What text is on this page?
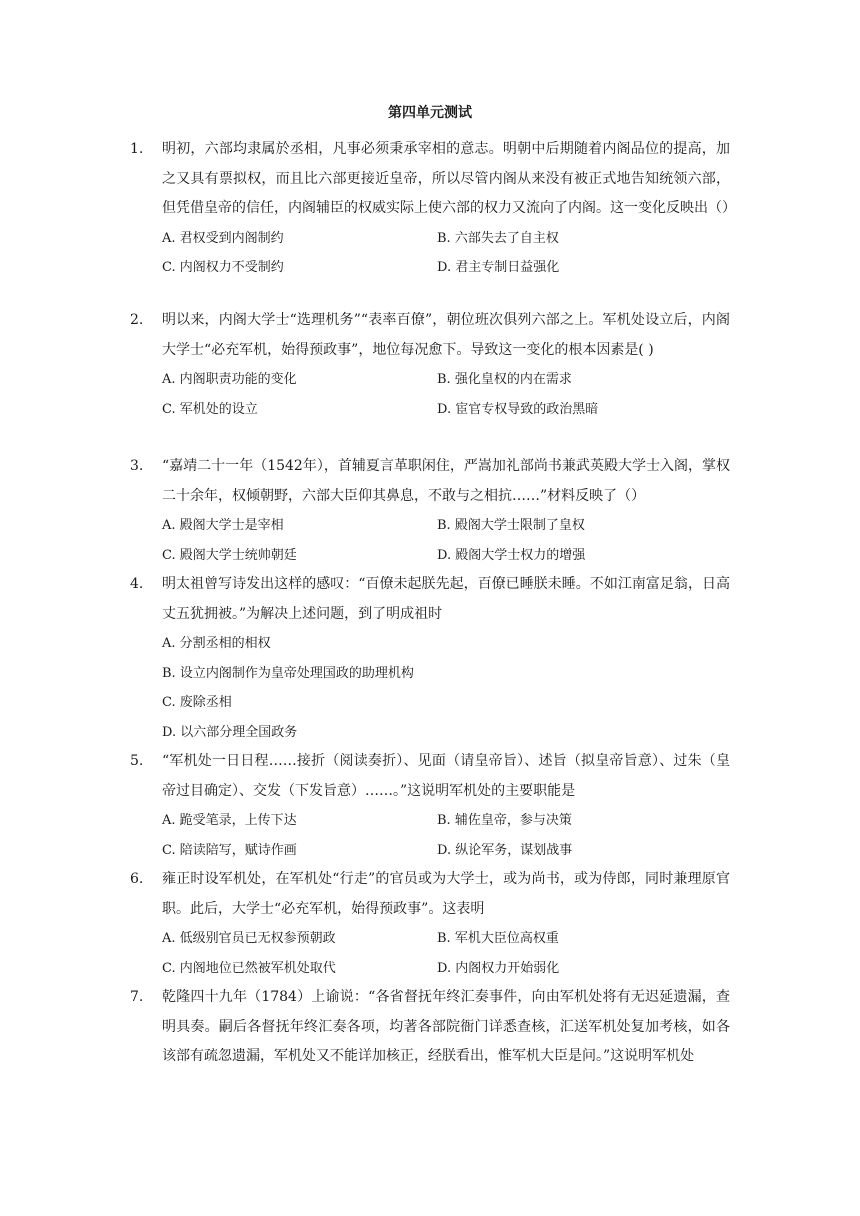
第四单元测试
1. 明初，六部均隶属於丞相，凡事必须秉承宰相的意志。明朝中后期随着内阁品位的提高，加之又具有票拟权，而且比六部更接近皇帝，所以尽管内阁从来没有被正式地告知统领六部，但凭借皇帝的信任，内阁辅臣的权威实际上使六部的权力又流向了内阁。这一变化反映出（）
A. 君权受到内阁制约	B. 六部失去了自主权
C. 内阁权力不受制约	D. 君主专制日益强化
2. 明以来，内阁大学士“选理机务”“表率百僚”，朝位班次俱列六部之上。军机处设立后，内阁大学士“必充军机，始得预政事”，地位每况愈下。导致这一变化的根本因素是( )
A. 内阁职责功能的变化	B. 强化皇权的内在需求
C. 军机处的设立	D. 宦官专权导致的政治黑暗
3. “嘉靖二十一年（1542年），首辅夏言革职闲住，严嵩加礼部尚书兼武英殿大学士入阁，掌权二十余年，权倾朝野，六部大臣仰其鼻息，不敢与之相抗……”材料反映了（）
A. 殿阁大学士是宰相	B. 殿阁大学士限制了皇权
C. 殿阁大学士统帅朝廷	D. 殿阁大学士权力的增强
4. 明太祖曾写诗发出这样的感叹：“百僚未起朕先起，百僚已睡朕未睡。不如江南富足翁，日高丈五犹拥被。”为解决上述问题，到了明成祖时
A. 分割丞相的相权
B. 设立内阁制作为皇帝处理国政的助理机构
C. 废除丞相
D. 以六部分理全国政务
5. “军机处一日日程……接折（阅读奏折）、见面（请皇帝旨）、述旨（拟皇帝旨意）、过朱（皇帝过目确定）、交发（下发旨意）……。”这说明军机处的主要职能是
A. 跪受笔录，上传下达	B. 辅佐皇帝，参与决策
C. 陪读陪写，赋诗作画	D. 纵论军务，谋划战事
6. 雍正时设军机处，在军机处“行走”的官员或为大学士，或为尚书，或为侍郎，同时兼理原官职。此后，大学士“必充军机，始得预政事”。这表明
A. 低级别官员已无权参预朝政	B. 军机大臣位高权重
C. 内阁地位已然被军机处取代	D. 内阁权力开始弱化
7. 乾隆四十九年（1784）上谕说：“各省督抚年终汇奏事件，向由军机处将有无迟延遗漏，查明具奏。嗣后各督抚年终汇奏各项，均著各部院衙门详悉查核，汇送军机处复加考核，如各该部有疏忽遗漏，军机处又不能详加核正，经朕看出，惟军机大臣是问。”这说明军机处
